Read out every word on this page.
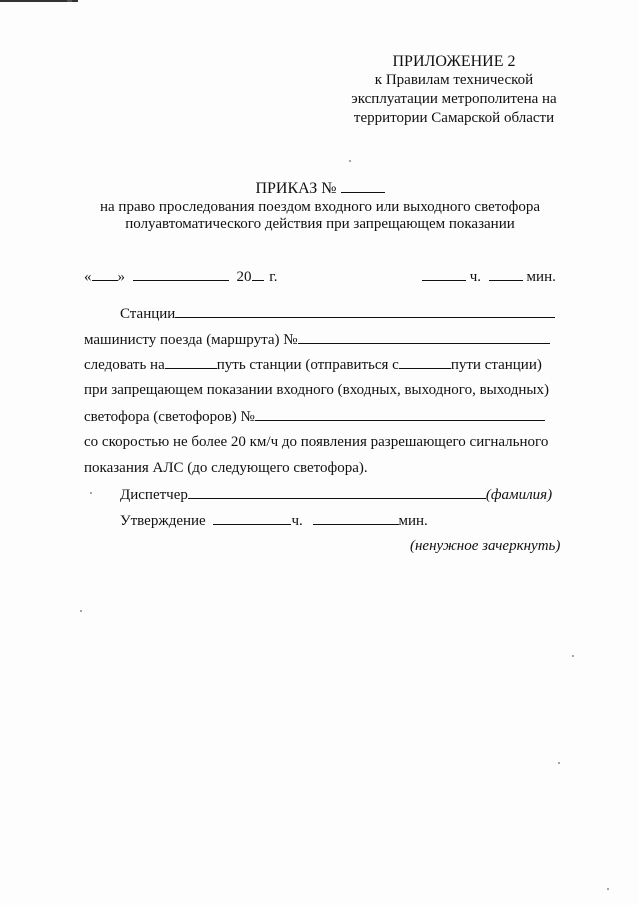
ПРИЛОЖЕНИЕ 2
к Правилам технической
эксплуатации метрополитена на
территории Самарской области
ПРИКАЗ №
на право проследования поездом входного или выходного светофора
полуавтоматического действия при запрещающем показании
« »	20 г.	ч.	мин.
Станции
машинисту поезда (маршрута) №
следовать на	путь станции (отправиться с	пути станции)
при запрещающем показании входного (входных, выходного, выходных)
светофора (светофоров) №
со скоростью не более 20 км/ч до появления разрешающего сигнального
показания АЛС (до следующего светофора).
Диспетчер	(фамилия)
Утверждение	ч.	мин.
(ненужное зачеркнуть)
